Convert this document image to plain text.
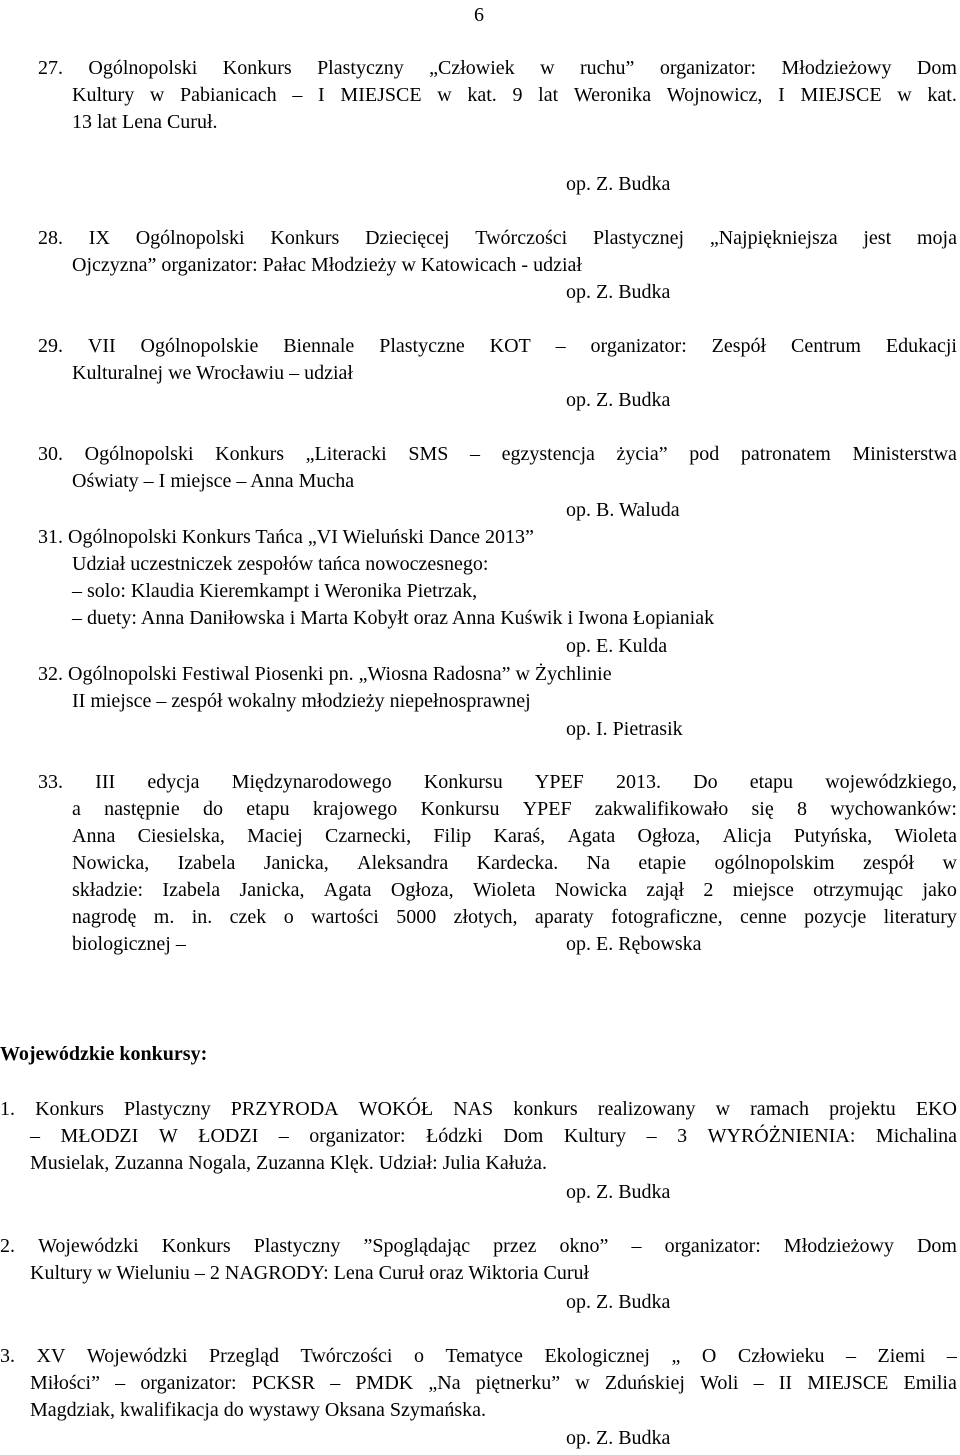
6
27. Ogólnopolski Konkurs Plastyczny „Człowiek w ruchu” organizator: Młodzieżowy Dom
Kultury w Pabianicach – I MIEJSCE w kat. 9 lat Weronika Wojnowicz, I MIEJSCE w kat.
13 lat Lena Curuł.
op. Z. Budka
28. IX Ogólnopolski Konkurs Dziecięcej Twórczości Plastycznej „Najpiękniejsza jest moja
Ojczyzna” organizator: Pałac Młodzieży w Katowicach - udział
op. Z. Budka
29. VII Ogólnopolskie Biennale Plastyczne KOT – organizator: Zespół Centrum Edukacji
Kulturalnej we Wrocławiu – udział
op. Z. Budka
30. Ogólnopolski Konkurs „Literacki SMS – egzystencja życia” pod patronatem Ministerstwa
Oświaty – I miejsce – Anna Mucha
op. B. Waluda
31. Ogólnopolski Konkurs Tańca „VI Wieluński Dance 2013”
Udział uczestniczek zespołów tańca nowoczesnego:
– solo: Klaudia Kieremkampt i Weronika Pietrzak,
– duety: Anna Daniłowska i Marta Kobyłt oraz Anna Kuświk i Iwona Łopianiak
op. E. Kulda
32. Ogólnopolski Festiwal Piosenki pn. „Wiosna Radosna” w Żychlinie
II miejsce – zespół wokalny młodzieży niepełnosprawnej
op. I. Pietrasik
33. III edycja Międzynarodowego Konkursu YPEF 2013. Do etapu wojewódzkiego,
a następnie do etapu krajowego Konkursu YPEF zakwalifikowało się 8 wychowanków:
Anna Ciesielska, Maciej Czarnecki, Filip Karaś, Agata Ogłoza, Alicja Putyńska, Wioleta
Nowicka, Izabela Janicka, Aleksandra Kardecka. Na etapie ogólnopolskim zespół w
składzie: Izabela Janicka, Agata Ogłoza, Wioleta Nowicka zajął 2 miejsce otrzymując jako
nagrodę m. in. czek o wartości 5000 złotych, aparaty fotograficzne, cenne pozycje literatury
biologicznej –	op. E. Rębowska
Wojewódzkie konkursy:
1. Konkurs Plastyczny PRZYRODA WOKÓŁ NAS konkurs realizowany w ramach projektu EKO
– MŁODZI W ŁODZI – organizator: Łódzki Dom Kultury – 3 WYRÓŻNIENIA: Michalina
Musielak, Zuzanna Nogala, Zuzanna Klęk. Udział: Julia Kałuża.
op. Z. Budka
2. Wojewódzki Konkurs Plastyczny ”Spoglądając przez okno” – organizator: Młodzieżowy Dom
Kultury w Wieluniu – 2 NAGRODY: Lena Curuł oraz Wiktoria Curuł
op. Z. Budka
3. XV Wojewódzki Przegląd Twórczości o Tematyce Ekologicznej „ O Człowieku – Ziemi –
Miłości” – organizator: PCKSR – PMDK „Na piętnerku” w Zduńskiej Woli – II MIEJSCE Emilia
Magdziak, kwalifikacja do wystawy Oksana Szymańska.
op. Z. Budka
